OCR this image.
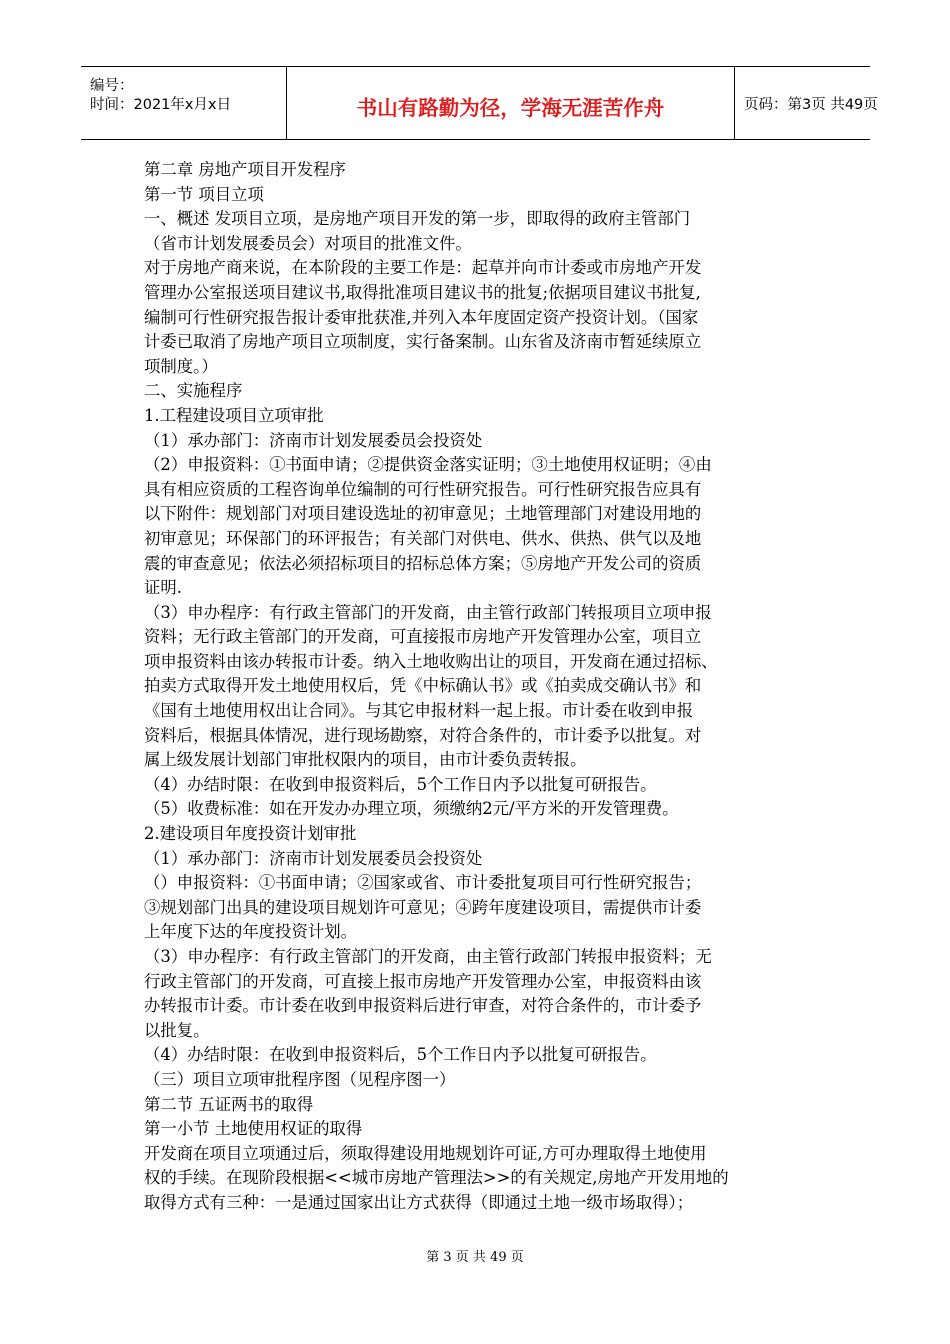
编号：
时间：2021年x月x日	书山有路勤为径，学海无涯苦作舟	页码：第3页 共49页
第二章 房地产项目开发程序
第一节 项目立项
一、概述 发项目立项，是房地产项目开发的第一步，即取得的政府主管部门
（省市计划发展委员会）对项目的批准文件。
对于房地产商来说，在本阶段的主要工作是：起草并向市计委或市房地产开发
管理办公室报送项目建议书,取得批准项目建议书的批复;依据项目建议书批复,
编制可行性研究报告报计委审批获准,并列入本年度固定资产投资计划。（国家
计委已取消了房地产项目立项制度，实行备案制。山东省及济南市暂延续原立
项制度。）
二、实施程序
1.工程建设项目立项审批
（1）承办部门：济南市计划发展委员会投资处
（2）申报资料：①书面申请；②提供资金落实证明；③土地使用权证明；④由
具有相应资质的工程咨询单位编制的可行性研究报告。可行性研究报告应具有
以下附件：规划部门对项目建设选址的初审意见；土地管理部门对建设用地的
初审意见；环保部门的环评报告；有关部门对供电、供水、供热、供气以及地
震的审查意见；依法必须招标项目的招标总体方案；⑤房地产开发公司的资质
证明.
（3）申办程序：有行政主管部门的开发商，由主管行政部门转报项目立项申报
资料；无行政主管部门的开发商，可直接报市房地产开发管理办公室，项目立
项申报资料由该办转报市计委。纳入土地收购出让的项目，开发商在通过招标、
拍卖方式取得开发土地使用权后，凭《中标确认书》或《拍卖成交确认书》和
《国有土地使用权出让合同》。与其它申报材料一起上报。市计委在收到申报
资料后，根据具体情况，进行现场勘察，对符合条件的，市计委予以批复。对
属上级发展计划部门审批权限内的项目，由市计委负责转报。
（4）办结时限：在收到申报资料后，5个工作日内予以批复可研报告。
（5）收费标准：如在开发办办理立项，须缴纳2元/平方米的开发管理费。
2.建设项目年度投资计划审批
（1）承办部门：济南市计划发展委员会投资处
（）申报资料：①书面申请；②国家或省、市计委批复项目可行性研究报告；
③规划部门出具的建设项目规划许可意见；④跨年度建设项目，需提供市计委
上年度下达的年度投资计划。
（3）申办程序：有行政主管部门的开发商，由主管行政部门转报申报资料；无
行政主管部门的开发商，可直接上报市房地产开发管理办公室，申报资料由该
办转报市计委。市计委在收到申报资料后进行审查，对符合条件的，市计委予
以批复。
（4）办结时限：在收到申报资料后，5个工作日内予以批复可研报告。
（三）项目立项审批程序图（见程序图一）
第二节 五证两书的取得
第一小节 土地使用权证的取得
开发商在项目立项通过后，须取得建设用地规划许可证,方可办理取得土地使用
权的手续。在现阶段根据<<城市房地产管理法>>的有关规定,房地产开发用地的
取得方式有三种：一是通过国家出让方式获得（即通过土地一级市场取得）；
第 3 页 共 49 页
